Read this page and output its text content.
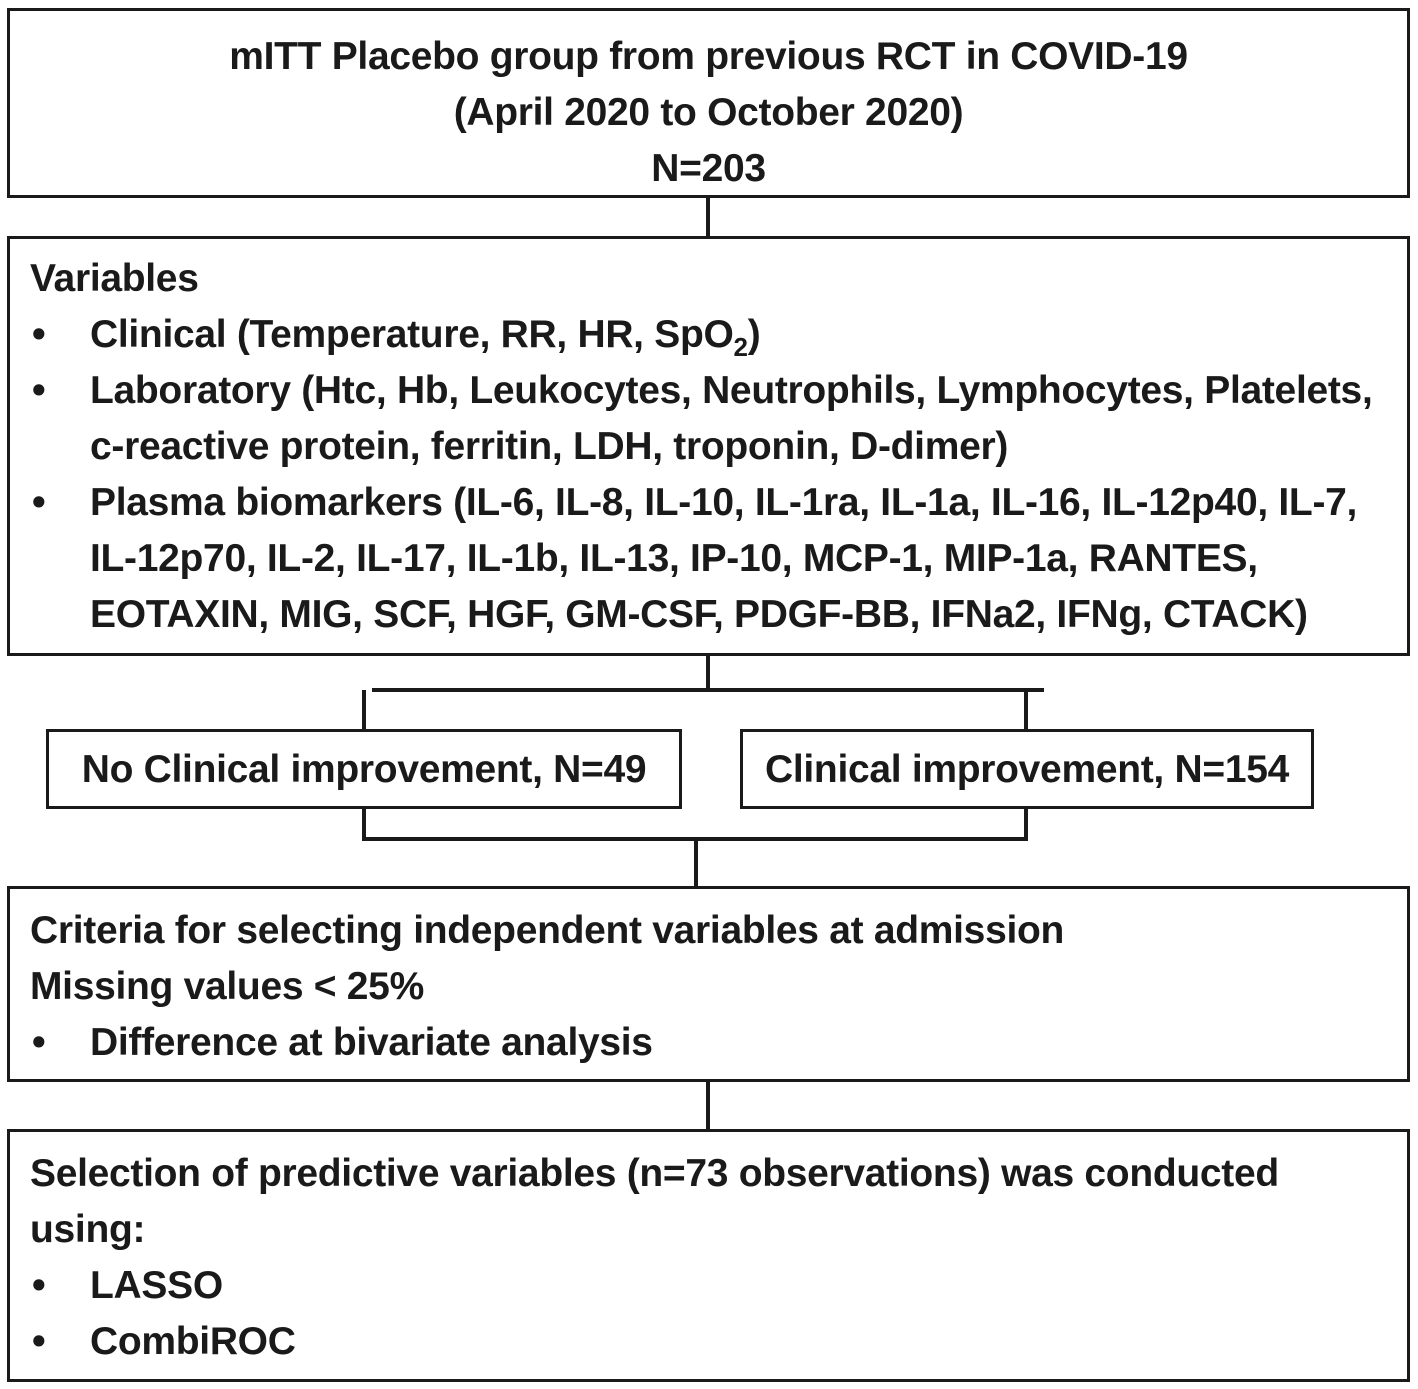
mITT Placebo group from previous RCT in COVID-19
(April 2020 to October 2020)
N=203
Variables
• Clinical (Temperature, RR, HR, SpO$_2$)
• Laboratory (Htc, Hb, Leukocytes, Neutrophils, Lymphocytes, Platelets,
c-reactive protein, ferritin, LDH, troponin, D-dimer)
• Plasma biomarkers (IL-6, IL-8, IL-10, IL-1ra, IL-1a, IL-16, IL-12p40, IL-7,
IL-12p70, IL-2, IL-17, IL-1b, IL-13, IP-10, MCP-1, MIP-1a, RANTES,
EOTAXIN, MIG, SCF, HGF, GM-CSF, PDGF-BB, IFNa2, IFNg, CTACK)
No Clinical improvement, N=49	Clinical improvement, N=154
Criteria for selecting independent variables at admission
Missing values < 25%
• Difference at bivariate analysis
Selection of predictive variables (n=73 observations) was conducted
using:
• LASSO
• CombiROC
